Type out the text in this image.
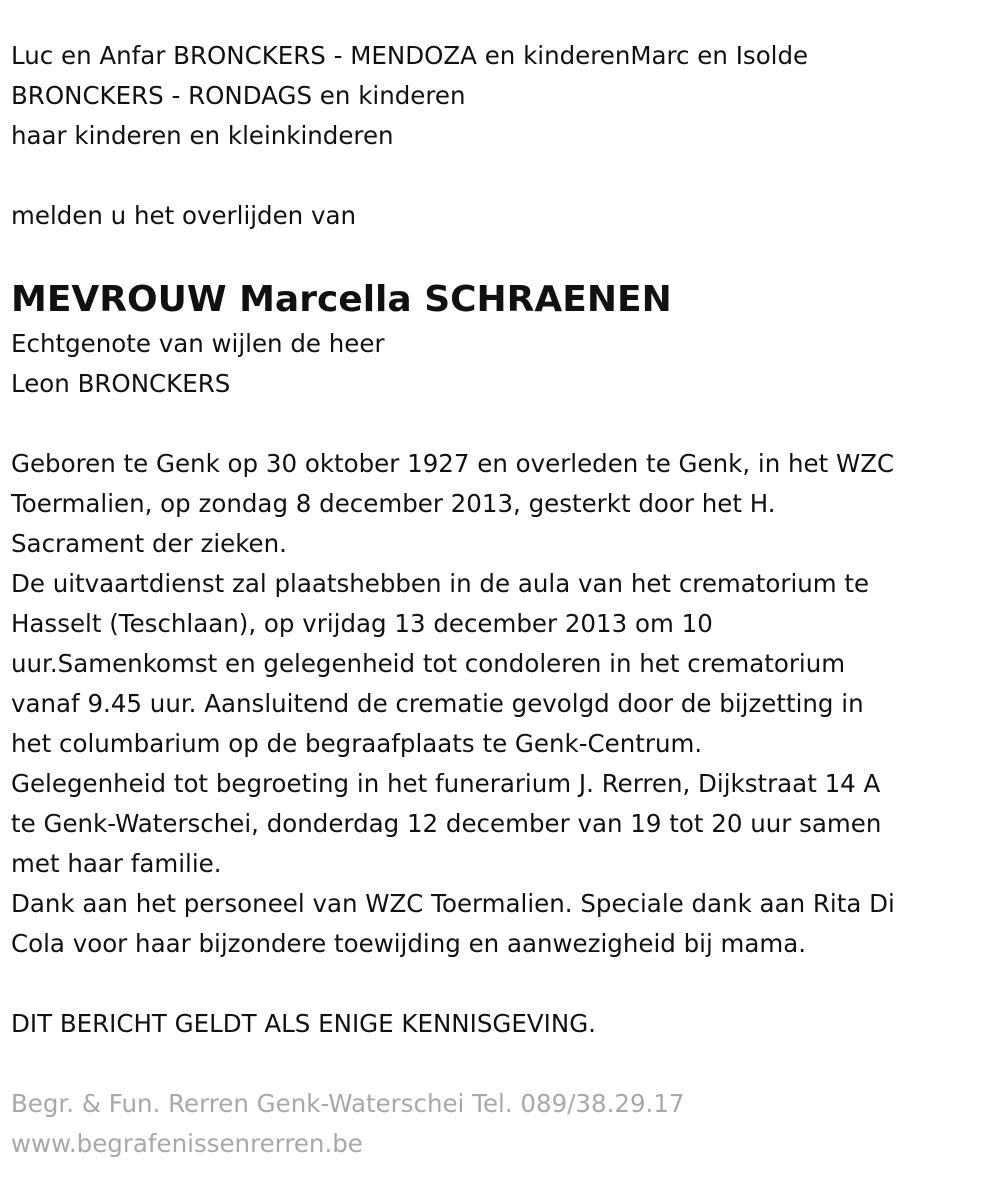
Luc en Anfar BRONCKERS - MENDOZA en kinderenMarc en Isolde
BRONCKERS - RONDAGS en kinderen
haar kinderen en kleinkinderen
melden u het overlijden van
MEVROUW Marcella SCHRAENEN
Echtgenote van wijlen de heer
Leon BRONCKERS
Geboren te Genk op 30 oktober 1927 en overleden te Genk, in het WZC
Toermalien, op zondag 8 december 2013, gesterkt door het H.
Sacrament der zieken.
De uitvaartdienst zal plaatshebben in de aula van het crematorium te
Hasselt (Teschlaan), op vrijdag 13 december 2013 om 10
uur.Samenkomst en gelegenheid tot condoleren in het crematorium
vanaf 9.45 uur. Aansluitend de crematie gevolgd door de bijzetting in
het columbarium op de begraafplaats te Genk-Centrum.
Gelegenheid tot begroeting in het funerarium J. Rerren, Dijkstraat 14 A
te Genk-Waterschei, donderdag 12 december van 19 tot 20 uur samen
met haar familie.
Dank aan het personeel van WZC Toermalien. Speciale dank aan Rita Di
Cola voor haar bijzondere toewijding en aanwezigheid bij mama.
DIT BERICHT GELDT ALS ENIGE KENNISGEVING.
Begr. & Fun. Rerren Genk-Waterschei Tel. 089/38.29.17
www.begrafenissenrerren.be
